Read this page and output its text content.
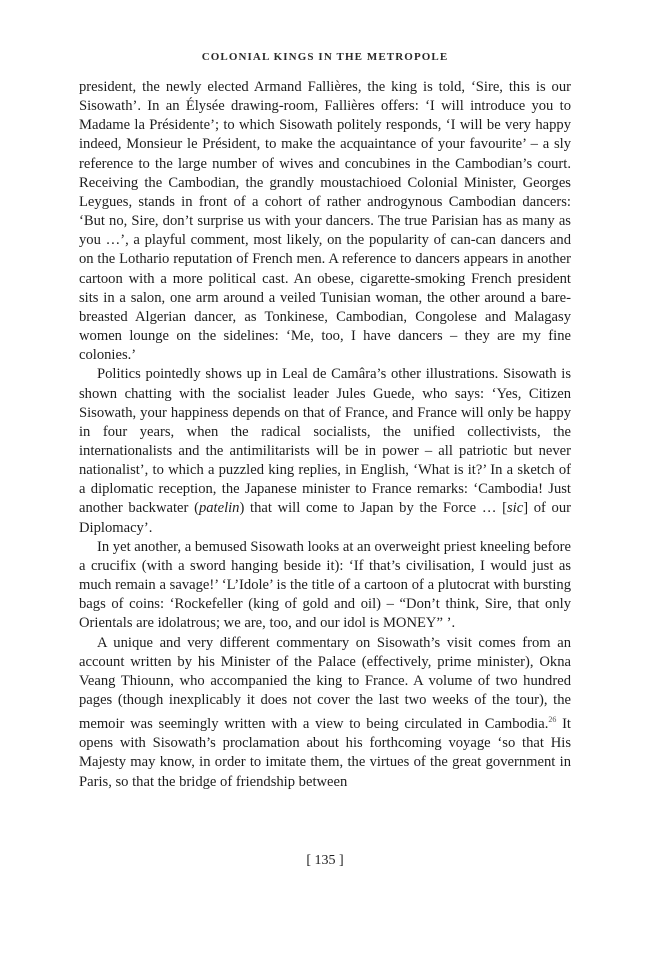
COLONIAL KINGS IN THE METROPOLE

president, the newly elected Armand Fallières, the king is told, ‘Sire, this is our Sisowath’. In an Élysée drawing-room, Fallières offers: ‘I will introduce you to Madame la Présidente’; to which Sisowath politely responds, ‘I will be very happy indeed, Monsieur le Président, to make the acquaintance of your favourite’ – a sly reference to the large number of wives and concubines in the Cambodian’s court. Receiving the Cambodian, the grandly moustachioed Colonial Minister, Georges Leygues, stands in front of a cohort of rather androgynous Cambodian dancers: ‘But no, Sire, don’t surprise us with your dancers. The true Parisian has as many as you …’, a playful comment, most likely, on the popularity of can-can dancers and on the Lothario reputation of French men. A reference to dancers appears in another cartoon with a more political cast. An obese, cigarette-smoking French president sits in a salon, one arm around a veiled Tunisian woman, the other around a bare-breasted Algerian dancer, as Tonkinese, Cambodian, Congolese and Malagasy women lounge on the sidelines: ‘Me, too, I have dancers – they are my fine colonies.’

Politics pointedly shows up in Leal de Camâra’s other illustrations. Sisowath is shown chatting with the socialist leader Jules Guede, who says: ‘Yes, Citizen Sisowath, your happiness depends on that of France, and France will only be happy in four years, when the radical socialists, the unified collectivists, the internationalists and the antimilitarists will be in power – all patriotic but never nationalist’, to which a puzzled king replies, in English, ‘What is it?’ In a sketch of a diplomatic reception, the Japanese minister to France remarks: ‘Cambodia! Just another backwater (patelin) that will come to Japan by the Force … [sic] of our Diplomacy’.

In yet another, a bemused Sisowath looks at an overweight priest kneeling before a crucifix (with a sword hanging beside it): ‘If that’s civilisation, I would just as much remain a savage!’ ‘L’Idole’ is the title of a cartoon of a plutocrat with bursting bags of coins: ‘Rockefeller (king of gold and oil) – “Don’t think, Sire, that only Orientals are idolatrous; we are, too, and our idol is MONEY” ’.

A unique and very different commentary on Sisowath’s visit comes from an account written by his Minister of the Palace (effectively, prime minister), Okna Veang Thiounn, who accompanied the king to France. A volume of two hundred pages (though inexplicably it does not cover the last two weeks of the tour), the memoir was seemingly written with a view to being circulated in Cambodia.$^{26}$ It opens with Sisowath’s proclamation about his forthcoming voyage ‘so that His Majesty may know, in order to imitate them, the virtues of the great government in Paris, so that the bridge of friendship between

[ 135 ]
